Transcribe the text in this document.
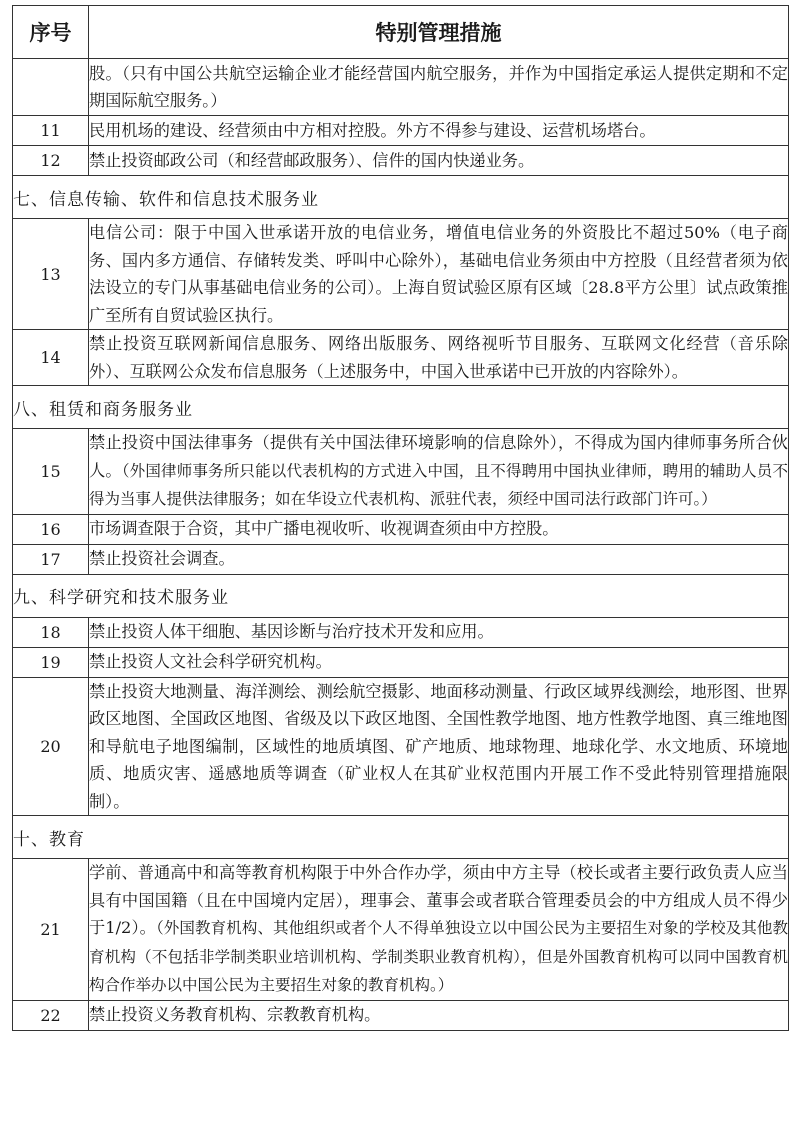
序号	特别管理措施
	股。（只有中国公共航空运输企业才能经营国内航空服务，并作为中国指定承运人提供定期和不定期国际航空服务。）
11	民用机场的建设、经营须由中方相对控股。外方不得参与建设、运营机场塔台。
12	禁止投资邮政公司（和经营邮政服务）、信件的国内快递业务。
七、信息传输、软件和信息技术服务业	
13	电信公司：限于中国入世承诺开放的电信业务，增值电信业务的外资股比不超过50%（电子商务、国内多方通信、存储转发类、呼叫中心除外），基础电信业务须由中方控股（且经营者须为依法设立的专门从事基础电信业务的公司）。上海自贸试验区原有区域〔28.8平方公里〕试点政策推广至所有自贸试验区执行。
14	禁止投资互联网新闻信息服务、网络出版服务、网络视听节目服务、互联网文化经营（音乐除外）、互联网公众发布信息服务（上述服务中，中国入世承诺中已开放的内容除外）。
八、租赁和商务服务业	
15	禁止投资中国法律事务（提供有关中国法律环境影响的信息除外），不得成为国内律师事务所合伙人。（外国律师事务所只能以代表机构的方式进入中国，且不得聘用中国执业律师，聘用的辅助人员不得为当事人提供法律服务；如在华设立代表机构、派驻代表，须经中国司法行政部门许可。）
16	市场调查限于合资，其中广播电视收听、收视调查须由中方控股。
17	禁止投资社会调查。
九、科学研究和技术服务业	
18	禁止投资人体干细胞、基因诊断与治疗技术开发和应用。
19	禁止投资人文社会科学研究机构。
20	禁止投资大地测量、海洋测绘、测绘航空摄影、地面移动测量、行政区域界线测绘，地形图、世界政区地图、全国政区地图、省级及以下政区地图、全国性教学地图、地方性教学地图、真三维地图和导航电子地图编制，区域性的地质填图、矿产地质、地球物理、地球化学、水文地质、环境地质、地质灾害、遥感地质等调查（矿业权人在其矿业权范围内开展工作不受此特别管理措施限制）。
十、教育	
21	学前、普通高中和高等教育机构限于中外合作办学，须由中方主导（校长或者主要行政负责人应当具有中国国籍（且在中国境内定居），理事会、董事会或者联合管理委员会的中方组成人员不得少于1/2）。（外国教育机构、其他组织或者个人不得单独设立以中国公民为主要招生对象的学校及其他教育机构（不包括非学制类职业培训机构、学制类职业教育机构），但是外国教育机构可以同中国教育机构合作举办以中国公民为主要招生对象的教育机构。）
22	禁止投资义务教育机构、宗教教育机构。
